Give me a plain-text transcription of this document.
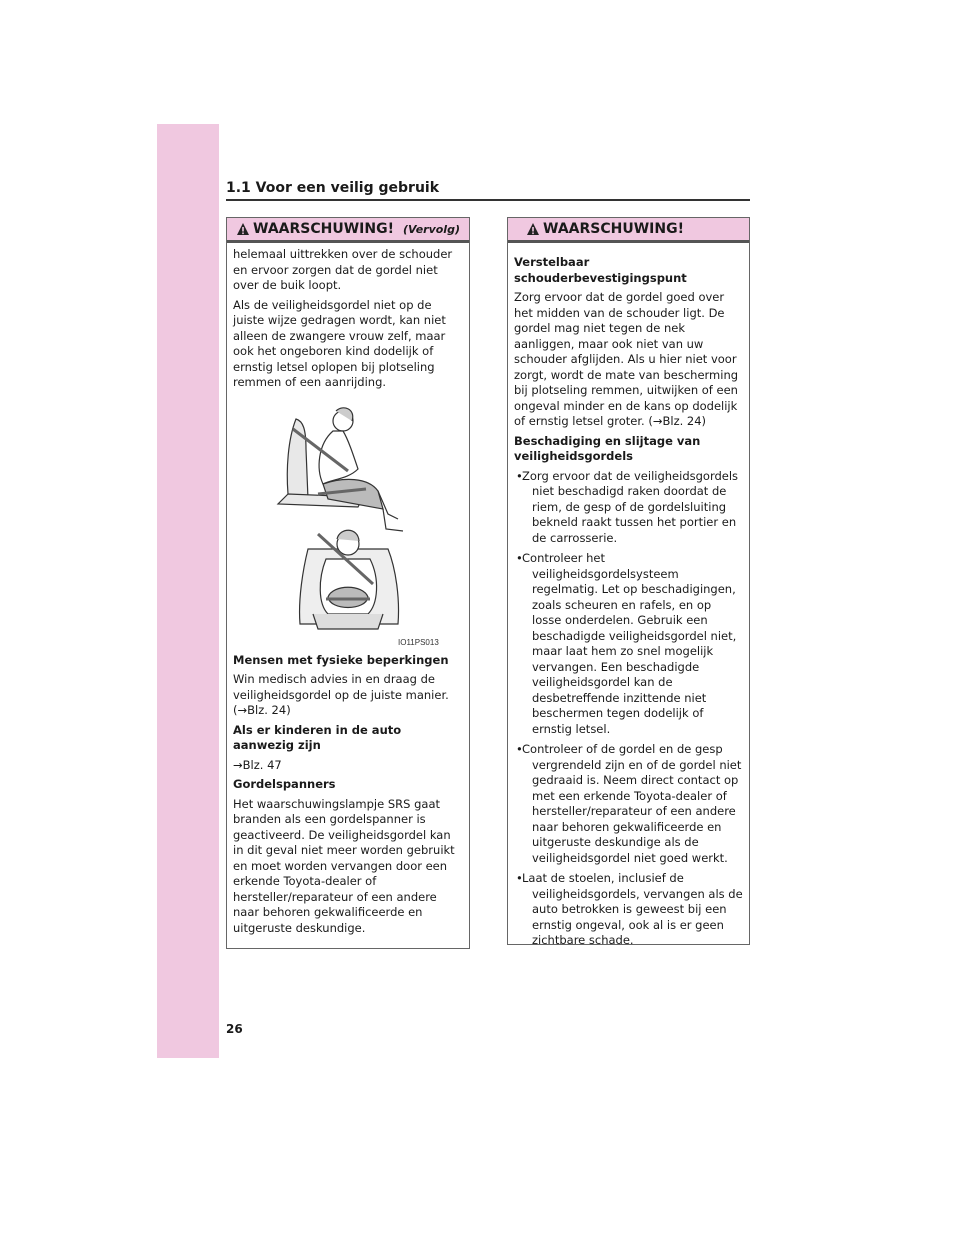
1.1 Voor een veilig gebruik
WAARSCHUWING! (Vervolg)

helemaal uittrekken over de schouder en ervoor zorgen dat de gordel niet over de buik loopt.

Als de veiligheidsgordel niet op de juiste wijze gedragen wordt, kan niet alleen de zwangere vrouw zelf, maar ook het ongeboren kind dodelijk of ernstig letsel oplopen bij plotseling remmen of een aanrijding.

IO11PS013

Mensen met fysieke beperkingen

Win medisch advies in en draag de veiligheidsgordel op de juiste manier. (→Blz. 24)

Als er kinderen in de auto aanwezig zijn

→Blz. 47

Gordelspanners

Het waarschuwingslampje SRS gaat branden als een gordelspanner is geactiveerd. De veiligheidsgordel kan in dit geval niet meer worden gebruikt en moet worden vervangen door een erkende Toyota-dealer of hersteller/reparateur of een andere naar behoren gekwalificeerde en uitgeruste deskundige.

WAARSCHUWING!

Verstelbaar schouderbevestigingspunt

Zorg ervoor dat de gordel goed over het midden van de schouder ligt. De gordel mag niet tegen de nek aanliggen, maar ook niet van uw schouder afglijden. Als u hier niet voor zorgt, wordt de mate van bescherming bij plotseling remmen, uitwijken of een ongeval minder en de kans op dodelijk of ernstig letsel groter. (→Blz. 24)

Beschadiging en slijtage van veiligheidsgordels

• Zorg ervoor dat de veiligheidsgordels niet beschadigd raken doordat de riem, de gesp of de gordelsluiting bekneld raakt tussen het portier en de carrosserie.
• Controleer het veiligheidsgordelsysteem regelmatig. Let op beschadigingen, zoals scheuren en rafels, en op losse onderdelen. Gebruik een beschadigde veiligheidsgordel niet, maar laat hem zo snel mogelijk vervangen. Een beschadigde veiligheidsgordel kan de desbetreffende inzittende niet beschermen tegen dodelijk of ernstig letsel.
• Controleer of de gordel en de gesp vergrendeld zijn en of de gordel niet gedraaid is. Neem direct contact op met een erkende Toyota-dealer of hersteller/reparateur of een andere naar behoren gekwalificeerde en uitgeruste deskundige als de veiligheidsgordel niet goed werkt.
• Laat de stoelen, inclusief de veiligheidsgordels, vervangen als de auto betrokken is geweest bij een ernstig ongeval, ook al is er geen zichtbare schade.
26
